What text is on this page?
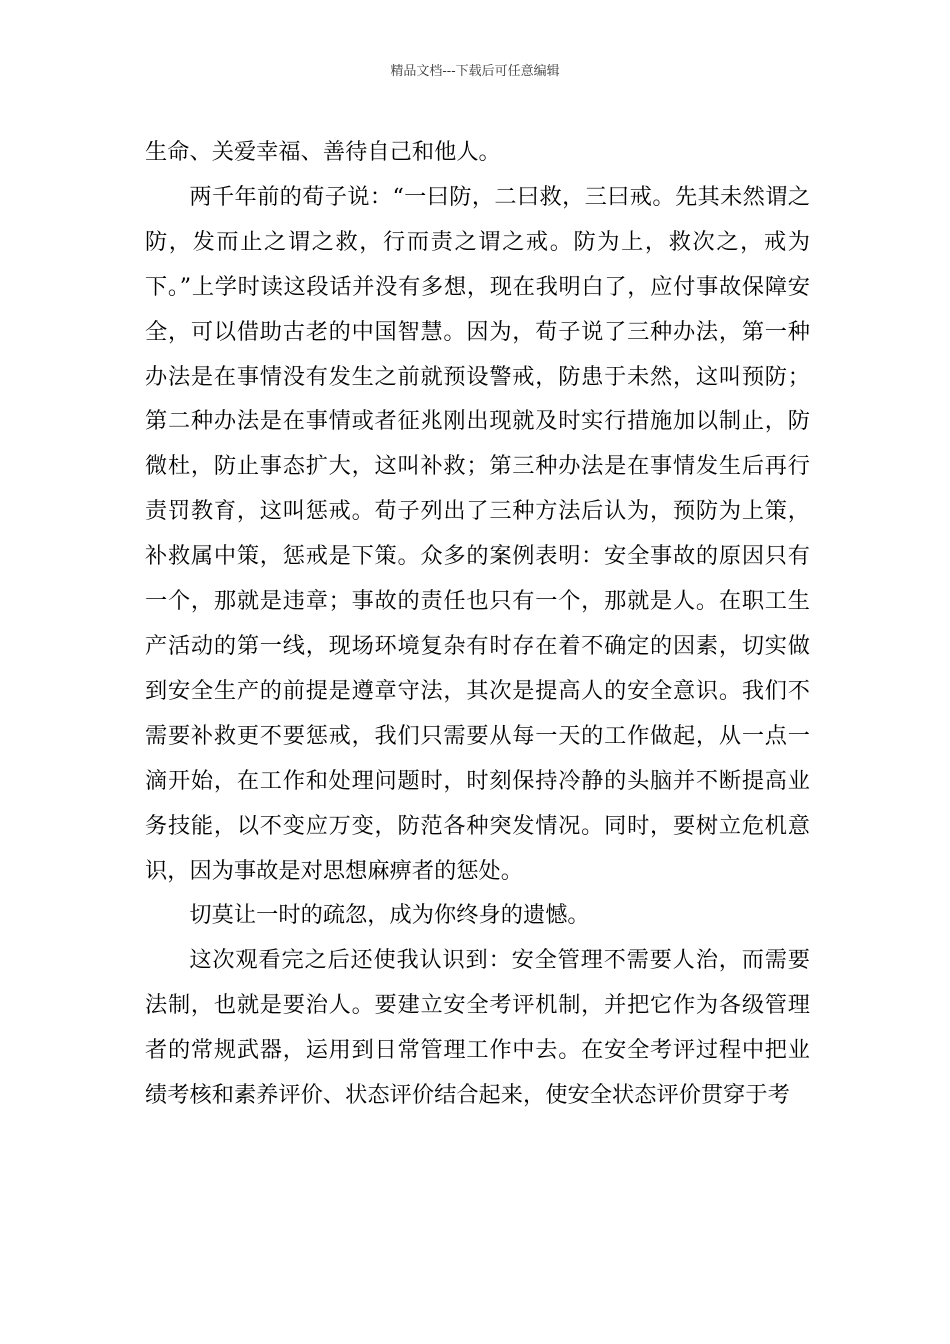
精品文档---下载后可任意编辑

生命、关爱幸福、善待自己和他人。

两千年前的荀子说：“一曰防，二曰救，三曰戒。先其未然谓之防，发而止之谓之救，行而责之谓之戒。防为上，救次之，戒为下。”上学时读这段话并没有多想，现在我明白了，应付事故保障安全，可以借助古老的中国智慧。因为，荀子说了三种办法，第一种办法是在事情没有发生之前就预设警戒，防患于未然，这叫预防；第二种办法是在事情或者征兆刚出现就及时实行措施加以制止，防微杜，防止事态扩大，这叫补救；第三种办法是在事情发生后再行责罚教育，这叫惩戒。荀子列出了三种方法后认为，预防为上策，补救属中策，惩戒是下策。众多的案例表明：安全事故的原因只有一个，那就是违章；事故的责任也只有一个，那就是人。在职工生产活动的第一线，现场环境复杂有时存在着不确定的因素，切实做到安全生产的前提是遵章守法，其次是提高人的安全意识。我们不需要补救更不要惩戒，我们只需要从每一天的工作做起，从一点一滴开始，在工作和处理问题时，时刻保持冷静的头脑并不断提高业务技能，以不变应万变，防范各种突发情况。同时，要树立危机意识，因为事故是对思想麻痹者的惩处。

切莫让一时的疏忽，成为你终身的遗憾。

这次观看完之后还使我认识到：安全管理不需要人治，而需要法制，也就是要治人。要建立安全考评机制，并把它作为各级管理者的常规武器，运用到日常管理工作中去。在安全考评过程中把业绩考核和素养评价、状态评价结合起来，使安全状态评价贯穿于考
